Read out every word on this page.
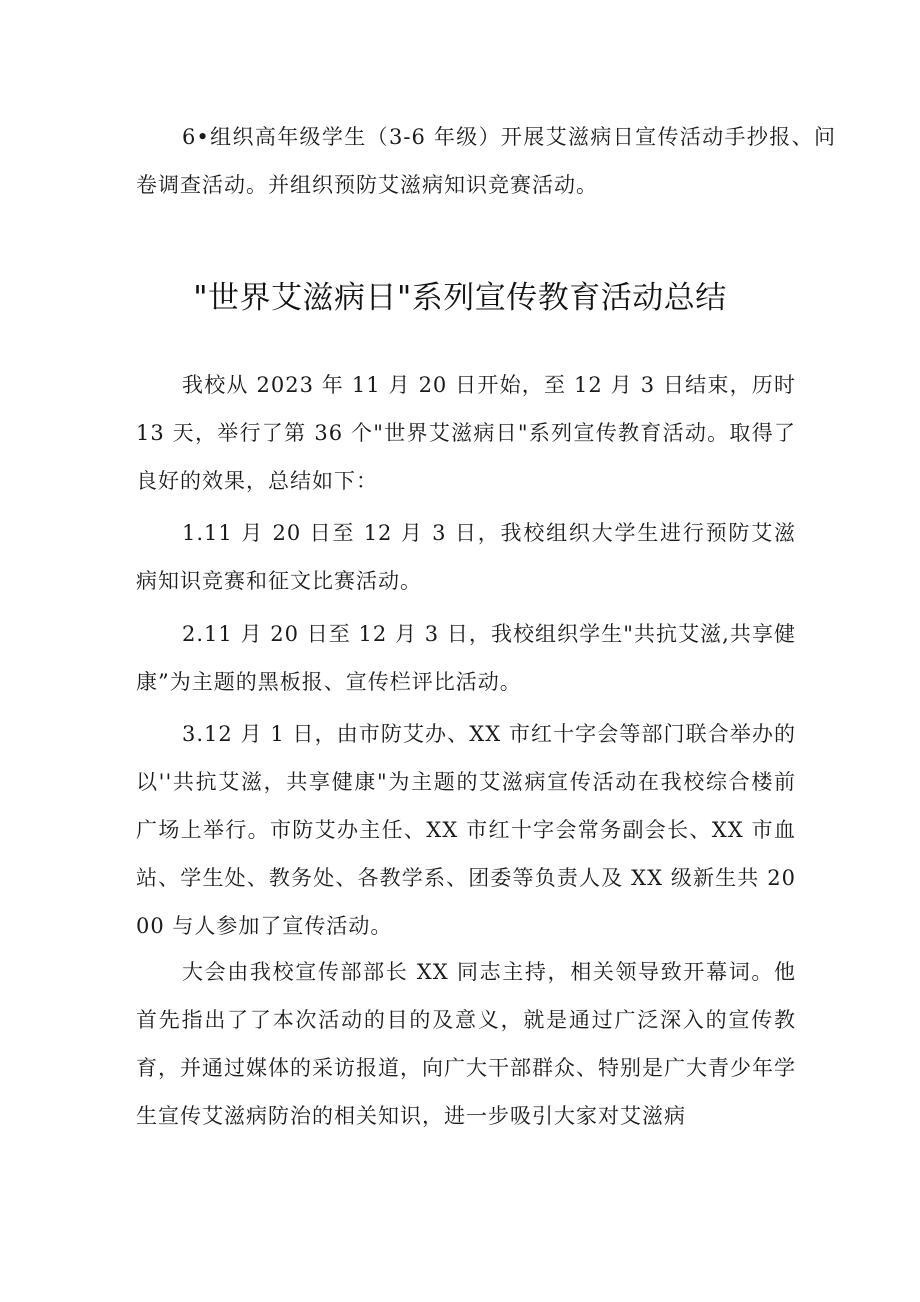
6•组织高年级学生（3-6 年级）开展艾滋病日宣传活动手抄报、问卷调查活动。并组织预防艾滋病知识竞赛活动。

"世界艾滋病日"系列宣传教育活动总结

我校从 2023 年 11 月 20 日开始，至 12 月 3 日结束，历时 13 天，举行了第 36 个"世界艾滋病日"系列宣传教育活动。取得了良好的效果，总结如下：

1.11 月 20 日至 12 月 3 日，我校组织大学生进行预防艾滋病知识竞赛和征文比赛活动。

2.11 月 20 日至 12 月 3 日，我校组织学生"共抗艾滋,共享健康”为主题的黑板报、宣传栏评比活动。

3.12 月 1 日，由市防艾办、XX 市红十字会等部门联合举办的以''共抗艾滋，共享健康"为主题的艾滋病宣传活动在我校综合楼前广场上举行。市防艾办主任、XX 市红十字会常务副会长、XX 市血站、学生处、教务处、各教学系、团委等负责人及 XX 级新生共 2000 与人参加了宣传活动。

大会由我校宣传部部长 XX 同志主持，相关领导致开幕词。他首先指出了了本次活动的目的及意义，就是通过广泛深入的宣传教育，并通过媒体的采访报道，向广大干部群众、特别是广大青少年学生宣传艾滋病防治的相关知识，进一步吸引大家对艾滋病
